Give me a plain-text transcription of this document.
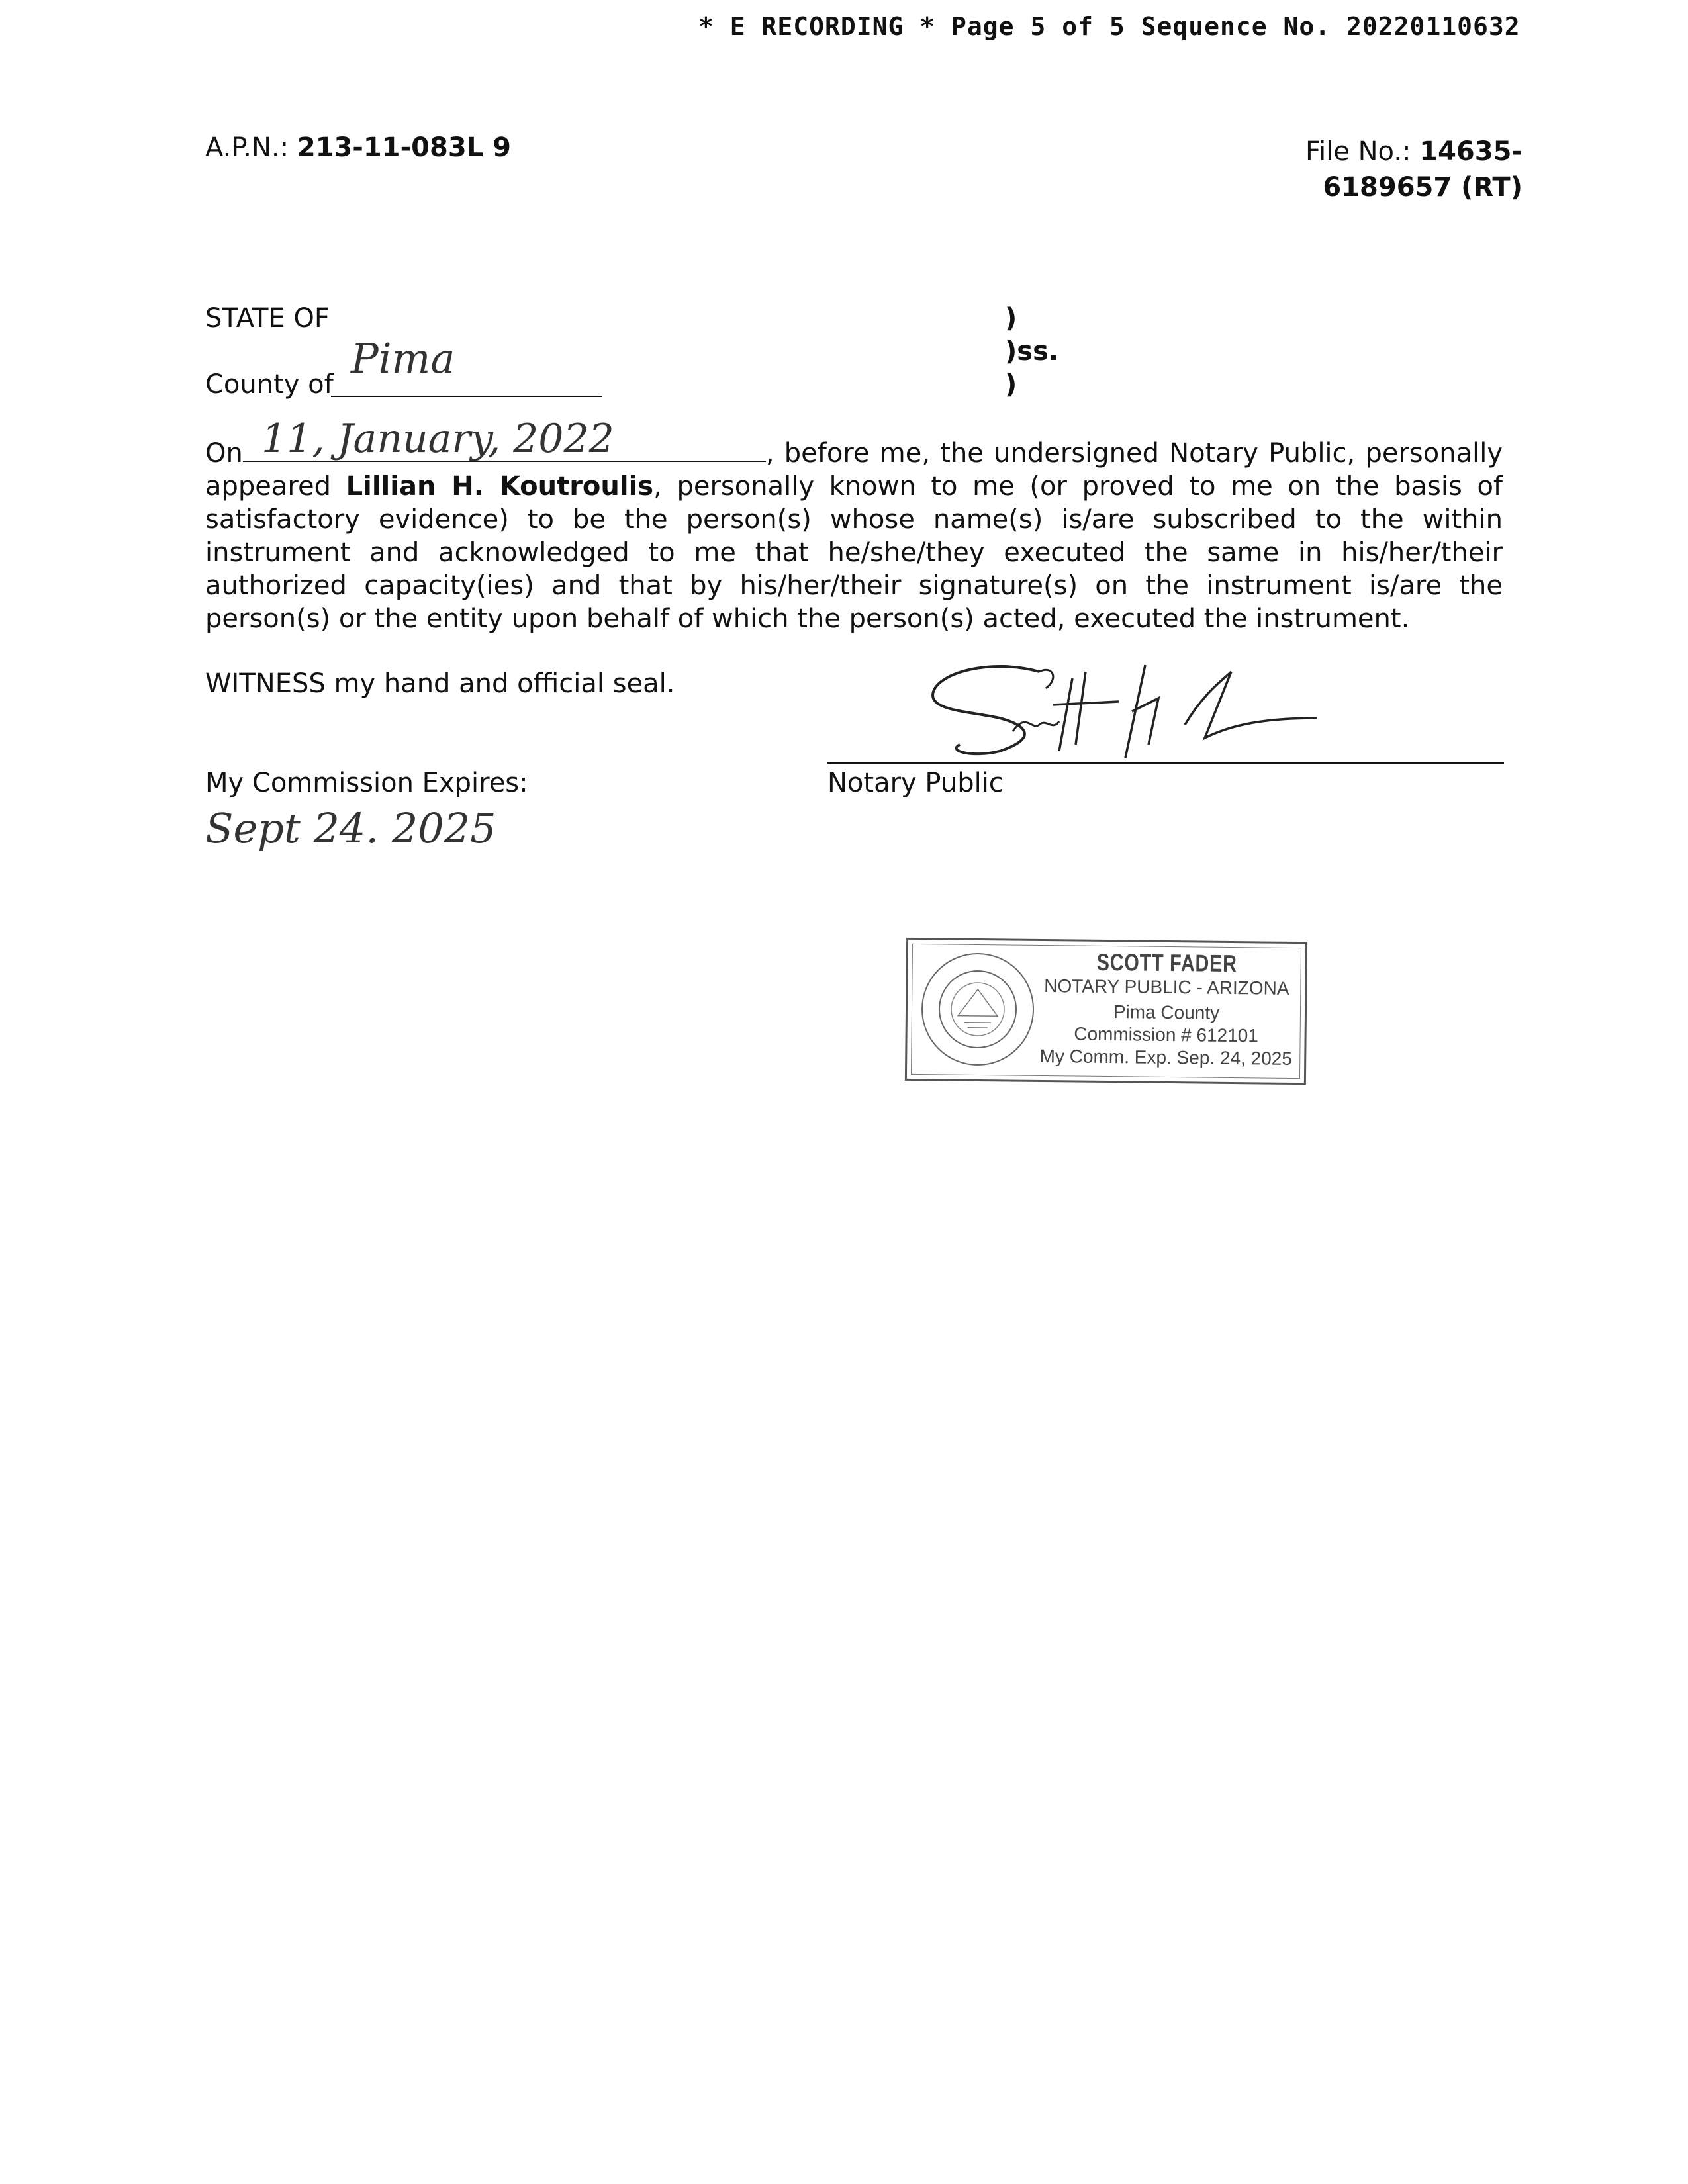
* E RECORDING * Page 5 of 5 Sequence No. 20220110632
A.P.N.: 213-11-083L 9	File No.: 14635-
6189657 (RT)
STATE OF
County of
Pima
)
)ss.
)
11, January, 2022
On	, before me, the undersigned Notary Public, personally appeared Lillian H. Koutroulis, personally known to me (or proved to me on the basis of satisfactory evidence) to be the person(s) whose name(s) is/are subscribed to the within instrument and acknowledged to me that he/she/they executed the same in his/her/their authorized capacity(ies) and that by his/her/their signature(s) on the instrument is/are the person(s) or the entity upon behalf of which the person(s) acted, executed the instrument.
WITNESS my hand and official seal.
My Commission Expires:
Sept 24. 2025
Notary Public
SCOTT FADER
NOTARY PUBLIC - ARIZONA
Pima County
Commission # 612101
My Comm. Exp. Sep. 24, 2025
